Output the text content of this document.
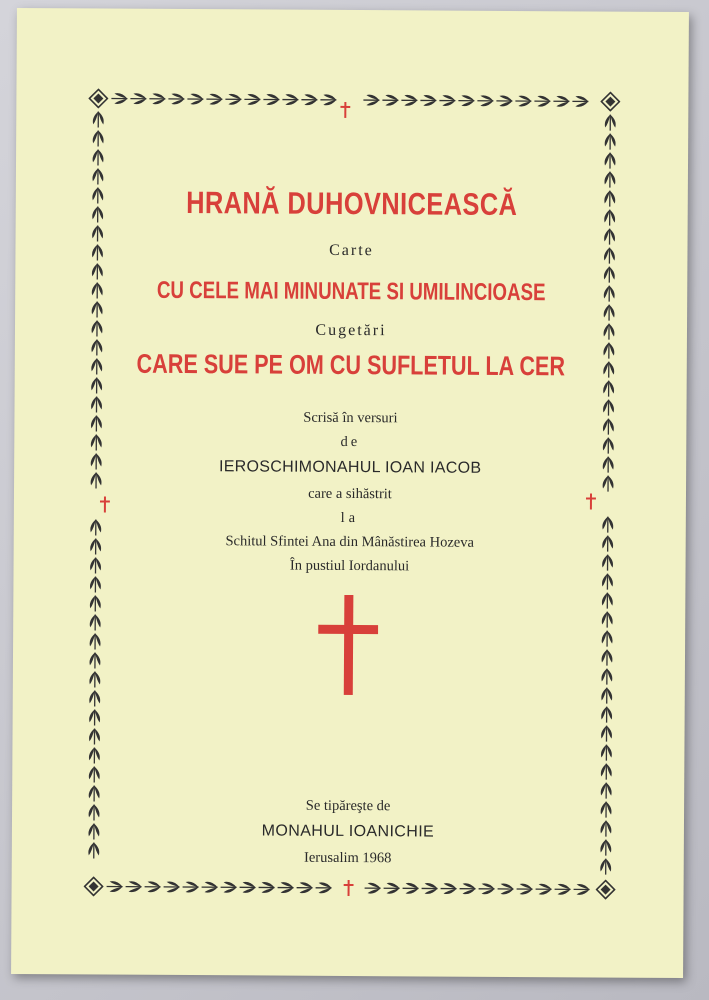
HRANĂ DUHOVNICEASCĂ
Carte
CU CELE MAI MINUNATE SI UMILINCIOASE
Cugetări
CARE SUE PE OM CU SUFLETUL LA CER
Scrisă în versuri
de
IEROSCHIMONAHUL IOAN IACOB
care a sihăstrit
la
Schitul Sfintei Ana din Mânăstirea Hozeva
În pustiul Iordanului
Se tipăreşte de
MONAHUL IOANICHIE
Ierusalim 1968
